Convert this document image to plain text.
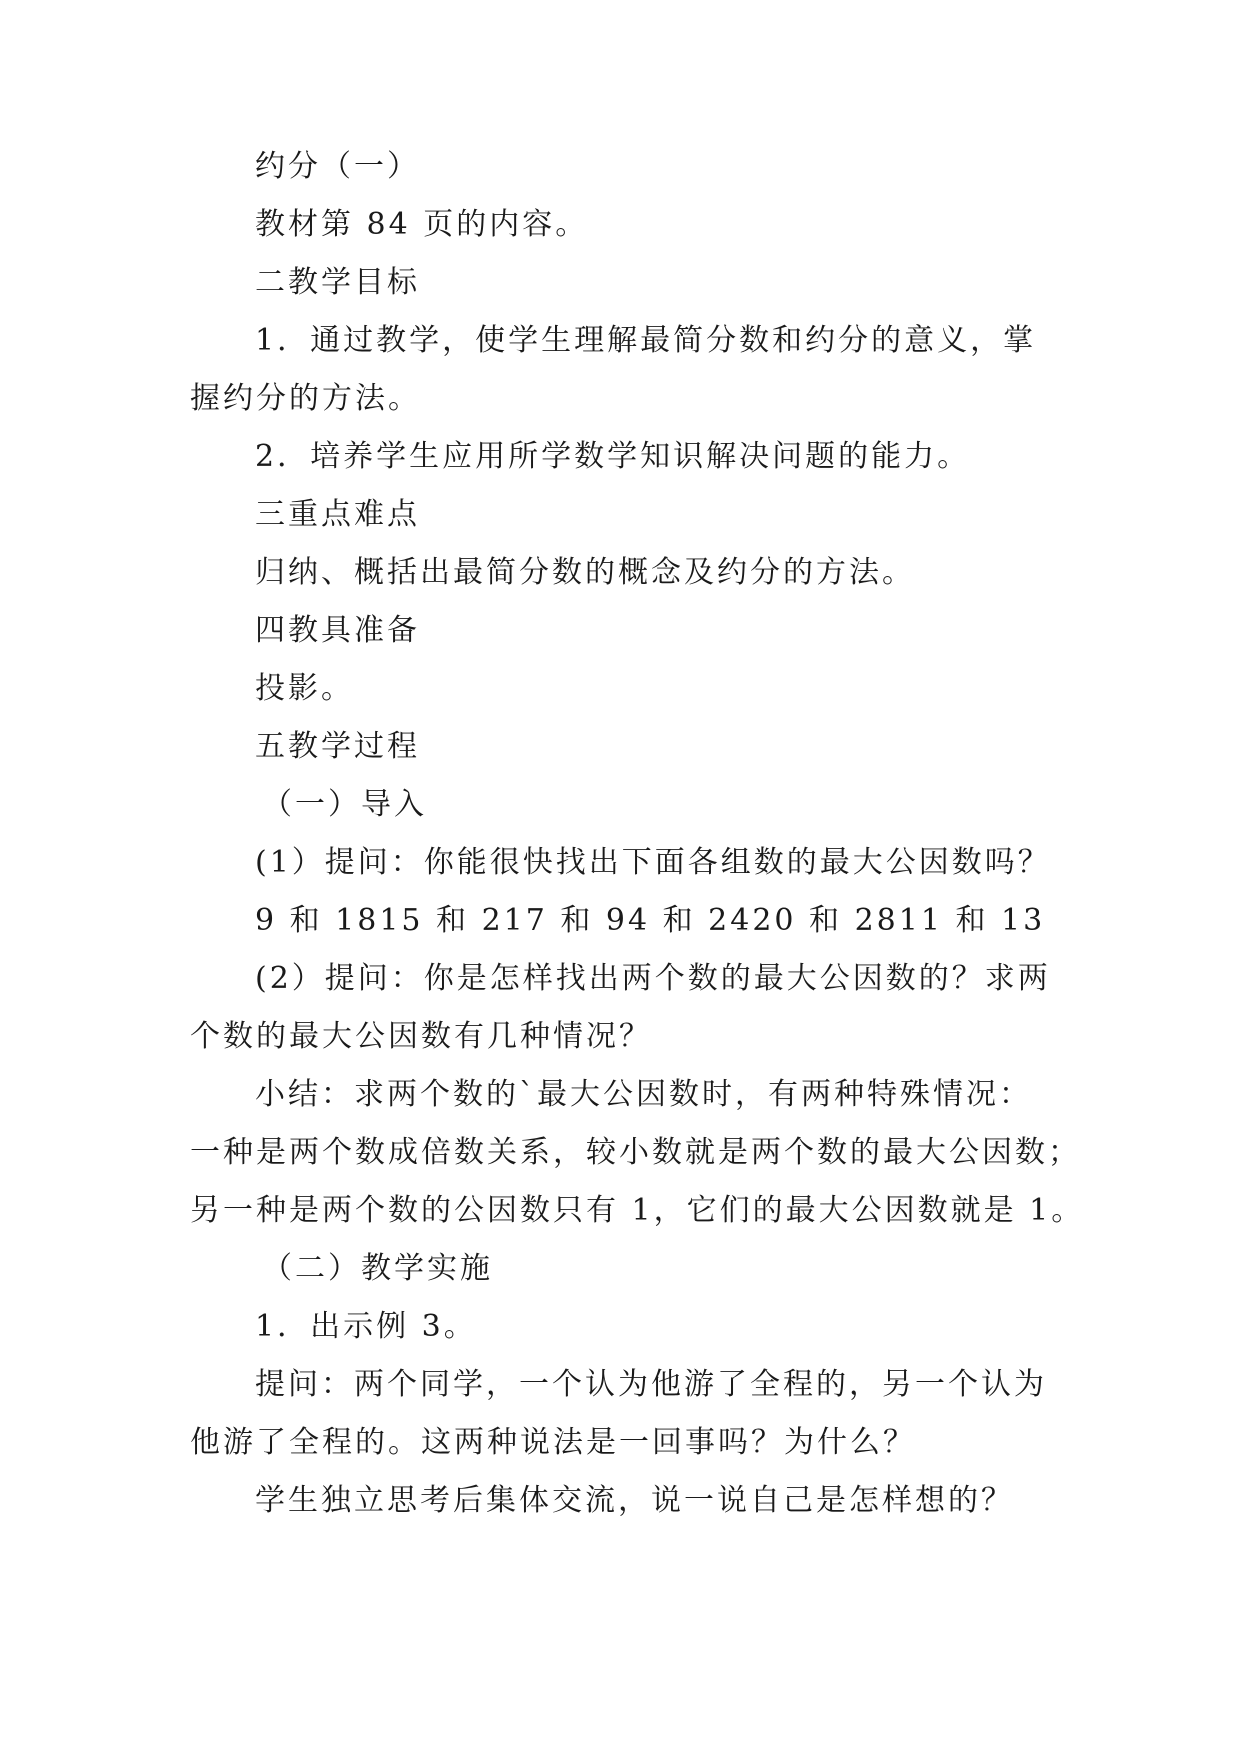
约分（一）
教材第 84 页的内容。
二教学目标
1．通过教学，使学生理解最简分数和约分的意义，掌
握约分的方法。
2．培养学生应用所学数学知识解决问题的能力。
三重点难点
归纳、概括出最简分数的概念及约分的方法。
四教具准备
投影。
五教学过程
（一）导入
(1）提问：你能很快找出下面各组数的最大公因数吗？
9 和 1815 和 217 和 94 和 2420 和 2811 和 13
(2）提问：你是怎样找出两个数的最大公因数的？求两
个数的最大公因数有几种情况？
小结：求两个数的`最大公因数时，有两种特殊情况：
一种是两个数成倍数关系，较小数就是两个数的最大公因数；
另一种是两个数的公因数只有 1，它们的最大公因数就是 1。
（二）教学实施
1．出示例 3。
提问：两个同学，一个认为他游了全程的，另一个认为
他游了全程的。这两种说法是一回事吗？为什么？
学生独立思考后集体交流，说一说自己是怎样想的？
